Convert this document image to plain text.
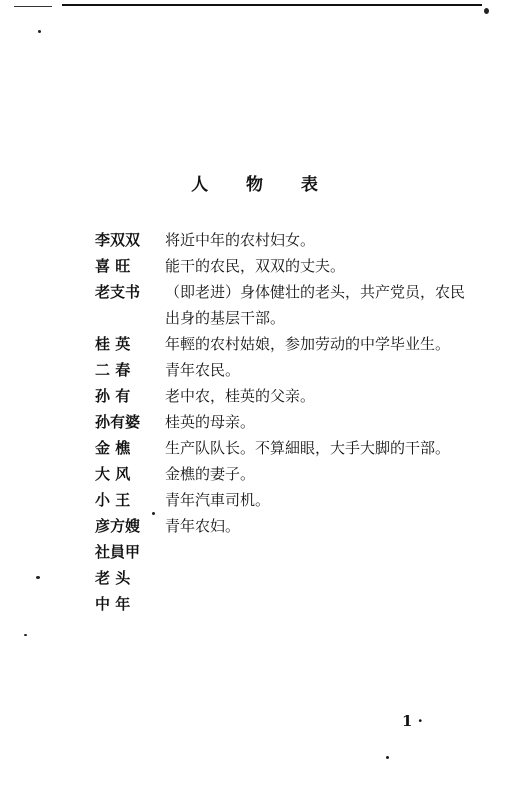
人 物 表
李双双	将近中年的农村妇女。
喜 旺	能干的农民，双双的丈夫。
老支书	（即老进）身体健壮的老头，共产党员，农民出身的基层干部。
桂 英	年輕的农村姑娘，参加劳动的中学毕业生。
二 春	青年农民。
孙 有	老中农，桂英的父亲。
孙有婆	桂英的母亲。
金 樵	生产队队长。不算細眼，大手大脚的干部。
大 风	金樵的妻子。
小 王	青年汽車司机。
彦方嫂	青年农妇。
社員甲
老 头
中 年
1 ·
